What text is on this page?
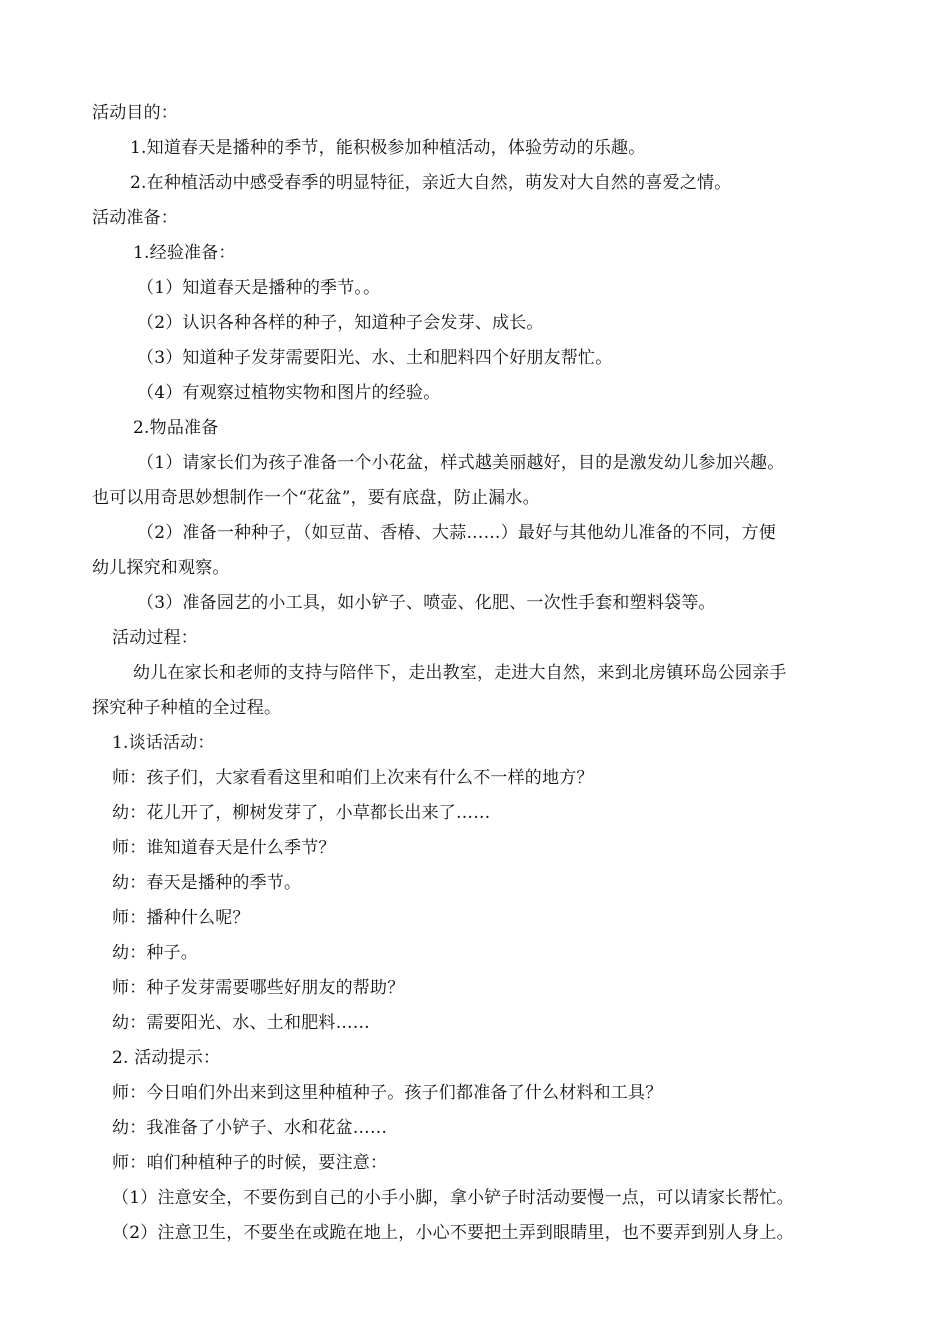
活动目的：
1.知道春天是播种的季节，能积极参加种植活动，体验劳动的乐趣。
2.在种植活动中感受春季的明显特征，亲近大自然，萌发对大自然的喜爱之情。
活动准备：
1.经验准备：
（1）知道春天是播种的季节。。
（2）认识各种各样的种子，知道种子会发芽、成长。
（3）知道种子发芽需要阳光、水、土和肥料四个好朋友帮忙。
（4）有观察过植物实物和图片的经验。
2.物品准备
（1）请家长们为孩子准备一个小花盆，样式越美丽越好，目的是激发幼儿参加兴趣。
也可以用奇思妙想制作一个“花盆”，要有底盘，防止漏水。
（2）准备一种种子，（如豆苗、香椿、大蒜……）最好与其他幼儿准备的不同，方便
幼儿探究和观察。
（3）准备园艺的小工具，如小铲子、喷壶、化肥、一次性手套和塑料袋等。
活动过程：
幼儿在家长和老师的支持与陪伴下，走出教室，走进大自然，来到北房镇环岛公园亲手
探究种子种植的全过程。
1.谈话活动：
师：孩子们，大家看看这里和咱们上次来有什么不一样的地方？
幼：花儿开了，柳树发芽了，小草都长出来了……
师：谁知道春天是什么季节？
幼：春天是播种的季节。
师：播种什么呢？
幼：种子。
师：种子发芽需要哪些好朋友的帮助？
幼：需要阳光、水、土和肥料……
2. 活动提示：
师：今日咱们外出来到这里种植种子。孩子们都准备了什么材料和工具？
幼：我准备了小铲子、水和花盆……
师：咱们种植种子的时候，要注意：
（1）注意安全，不要伤到自己的小手小脚，拿小铲子时活动要慢一点，可以请家长帮忙。
（2）注意卫生，不要坐在或跪在地上，小心不要把土弄到眼睛里，也不要弄到别人身上。
